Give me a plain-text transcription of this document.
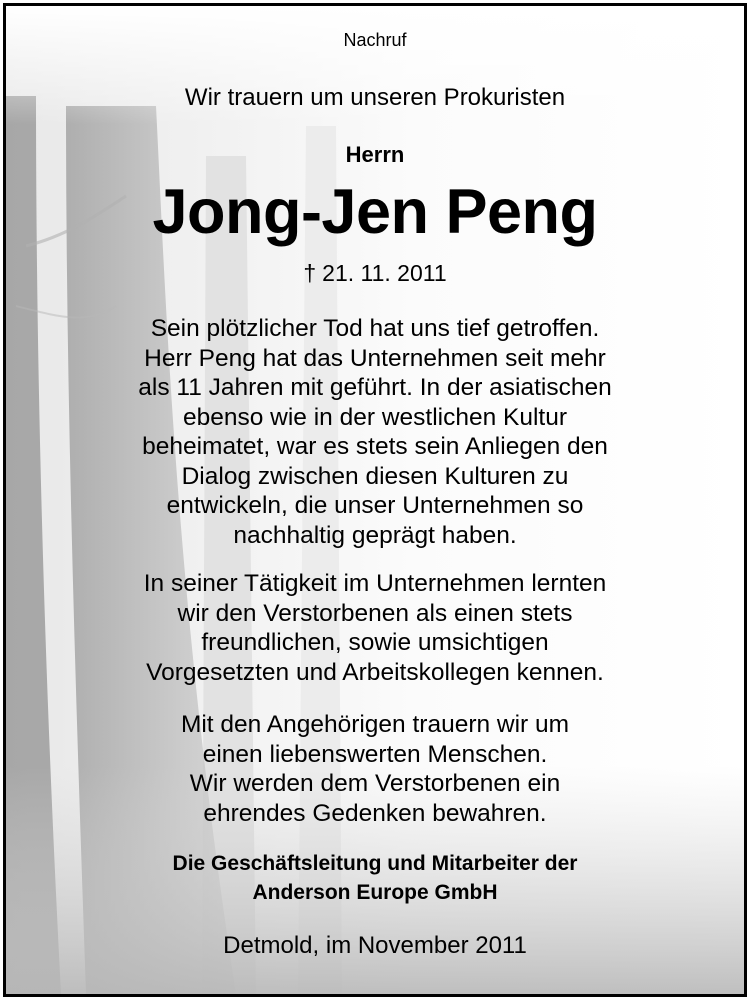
Nachruf
Wir trauern um unseren Prokuristen
Herrn
Jong-Jen Peng
† 21. 11. 2011
Sein plötzlicher Tod hat uns tief getroffen.
Herr Peng hat das Unternehmen seit mehr
als 11 Jahren mit geführt. In der asiatischen
ebenso wie in der westlichen Kultur
beheimatet, war es stets sein Anliegen den
Dialog zwischen diesen Kulturen zu
entwickeln, die unser Unternehmen so
nachhaltig geprägt haben.
In seiner Tätigkeit im Unternehmen lernten
wir den Verstorbenen als einen stets
freundlichen, sowie umsichtigen
Vorgesetzten und Arbeitskollegen kennen.
Mit den Angehörigen trauern wir um
einen liebenswerten Menschen.
Wir werden dem Verstorbenen ein
ehrendes Gedenken bewahren.
Die Geschäftsleitung und Mitarbeiter der
Anderson Europe GmbH
Detmold, im November 2011
